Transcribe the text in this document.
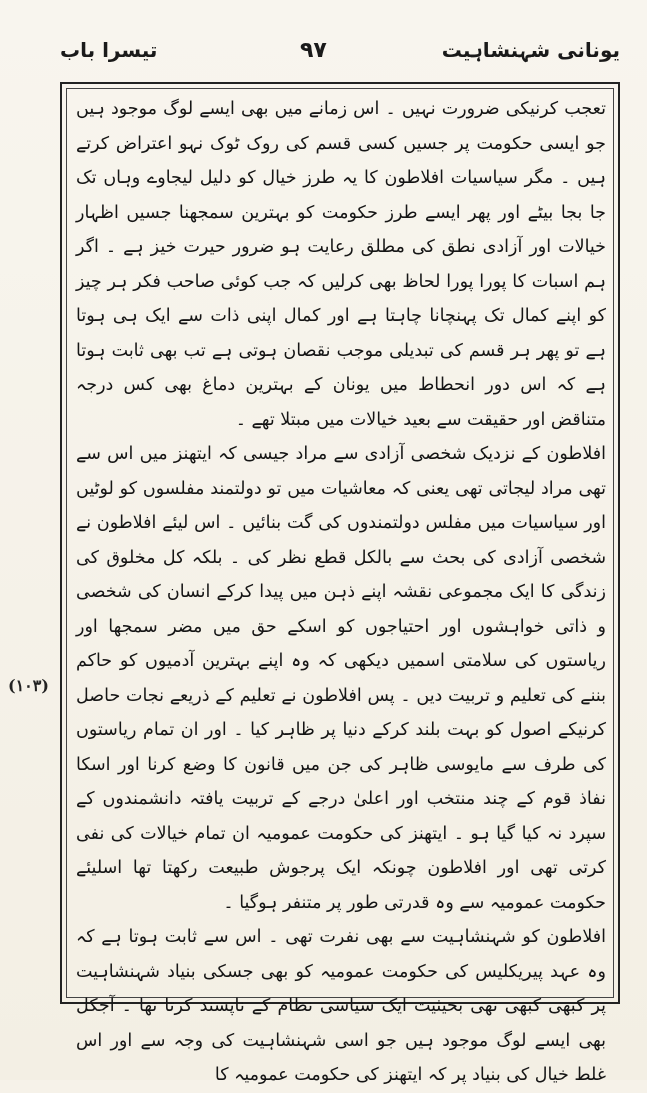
تیسرا باب	۹۷	یونانی شہنشاہیت
(۱۰۳)

تعجب کرنیکی ضرورت نہیں ۔ اس زمانے میں بھی ایسے لوگ موجود ہیں جو ایسی حکومت پر جسیں کسی قسم کی روک ٹوک نہو اعتراض کرتے ہیں ۔ مگر سیاسیات افلاطون کا یہ طرز خیال کو دلیل لیجاوے وہاں تک جا بجا بیٹے اور پھر ایسے طرز حکومت کو بہترین سمجھنا جسیں اظہار خیالات اور آزادی نطق کی مطلق رعایت ہو ضرور حیرت خیز ہے ۔ اگر ہم اسبات کا پورا پورا لحاظ بھی کرلیں کہ جب کوئی صاحب فکر ہر چیز کو اپنے کمال تک پہنچانا چاہتا ہے اور کمال اپنی ذات سے ایک ہی ہوتا ہے تو پھر ہر قسم کی تبدیلی موجب نقصان ہوتی ہے تب بھی ثابت ہوتا ہے کہ اس دور انحطاط میں یونان کے بہترین دماغ بھی کس درجہ متناقض اور حقیقت سے بعید خیالات میں مبتلا تھے ۔

افلاطون کے نزدیک شخصی آزادی سے مراد جیسی کہ ایتھنز میں اس سے تھی مراد لیجاتی تھی یعنی کہ معاشیات میں تو دولتمند مفلسوں کو لوٹیں اور سیاسیات میں مفلس دولتمندوں کی گت بنائیں ۔ اس لیئے افلاطون نے شخصی آزادی کی بحث سے بالکل قطع نظر کی ۔ بلکہ کل مخلوق کی زندگی کا ایک مجموعی نقشہ اپنے ذہن میں پیدا کرکے انسان کی شخصی و ذاتی خواہشوں اور احتیاجوں کو اسکے حق میں مضر سمجھا اور ریاستوں کی سلامتی اسمیں دیکھی کہ وہ اپنے بہترین آدمیوں کو حاکم بننے کی تعلیم و تربیت دیں ۔ پس افلاطون نے تعلیم کے ذریعے نجات حاصل کرنیکے اصول کو بہت بلند کرکے دنیا پر ظاہر کیا ۔ اور ان تمام ریاستوں کی طرف سے مایوسی ظاہر کی جن میں قانون کا وضع کرنا اور اسکا نفاذ قوم کے چند منتخب اور اعلیٰ درجے کے تربیت یافتہ دانشمندوں کے سپرد نہ کیا گیا ہو ۔ ایتھنز کی حکومت عمومیہ ان تمام خیالات کی نفی کرتی تھی اور افلاطون چونکہ ایک پرجوش طبیعت رکھتا تھا اسلیئے حکومت عمومیہ سے وہ قدرتی طور پر متنفر ہوگیا ۔

افلاطون کو شہنشاہیت سے بھی نفرت تھی ۔ اس سے ثابت ہوتا ہے کہ وہ عہد پیریکلیس کی حکومت عمومیہ کو بھی جسکی بنیاد شہنشاہیت پر کبھی کبھی تھی بحیثیت ایک سیاسی نظام کے ناپسند کرتا تھا ۔ آجکل بھی ایسے لوگ موجود ہیں جو اسی شہنشاہیت کی وجہ سے اور اس غلط خیال کی بنیاد پر کہ ایتھنز کی حکومت عمومیہ کا
